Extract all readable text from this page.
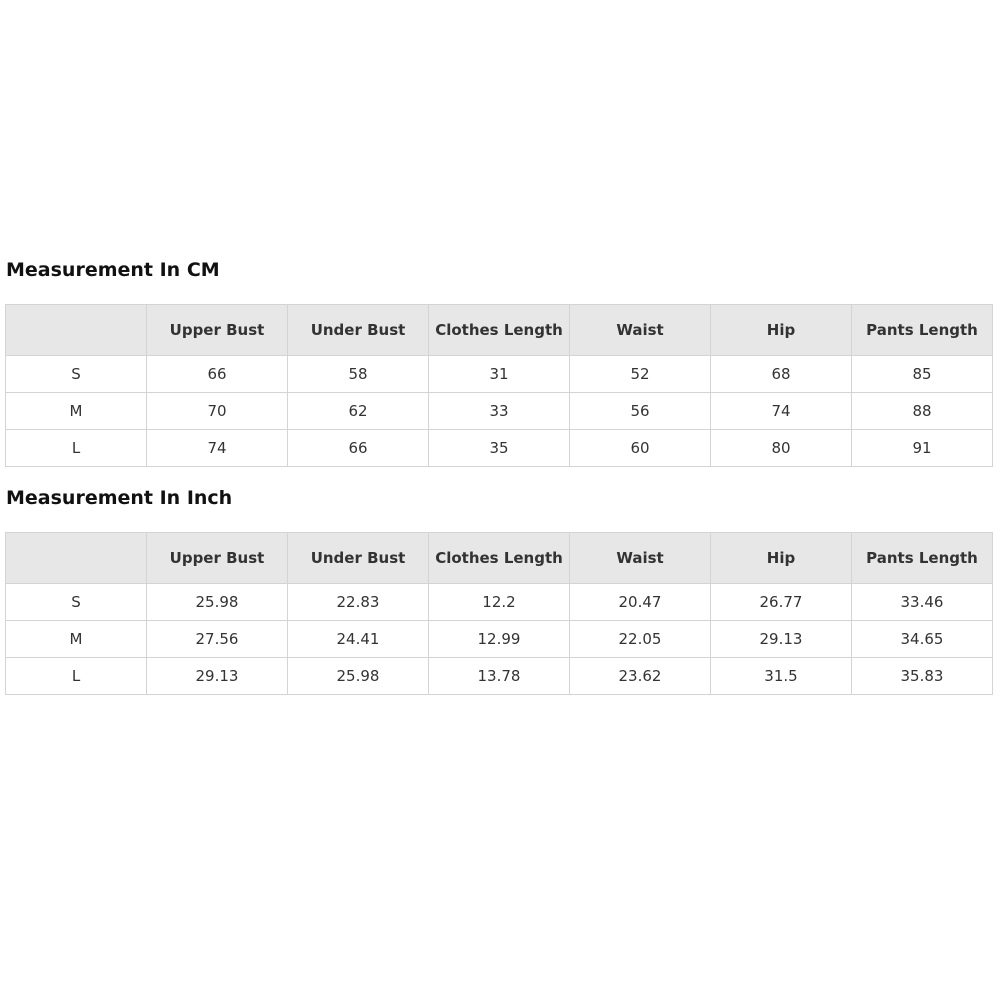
Measurement In CM
	Upper Bust	Under Bust	Clothes Length	Waist	Hip	Pants Length
S	66	58	31	52	68	85
M	70	62	33	56	74	88
L	74	66	35	60	80	91
Measurement In Inch
	Upper Bust	Under Bust	Clothes Length	Waist	Hip	Pants Length
S	25.98	22.83	12.2	20.47	26.77	33.46
M	27.56	24.41	12.99	22.05	29.13	34.65
L	29.13	25.98	13.78	23.62	31.5	35.83
